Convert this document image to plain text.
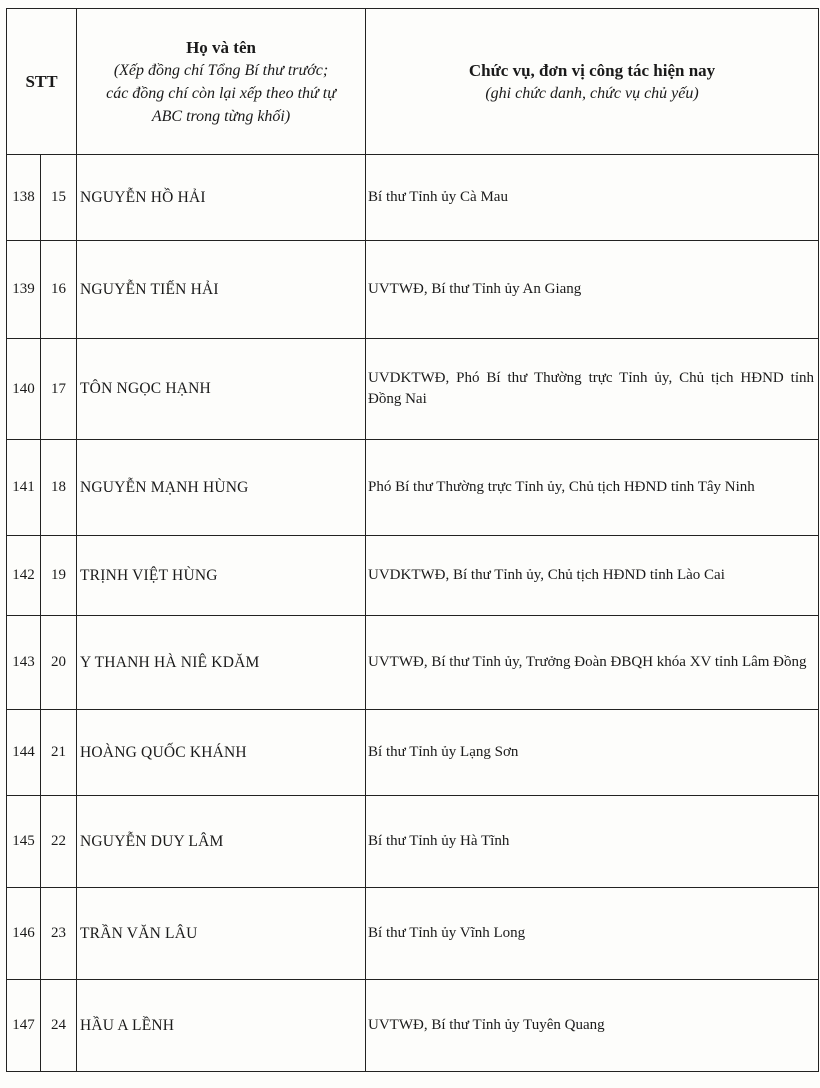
STT		Họ và tên
(Xếp đồng chí Tổng Bí thư trước;
các đồng chí còn lại xếp theo thứ tự
ABC trong từng khối)	Chức vụ, đơn vị công tác hiện nay
(ghi chức danh, chức vụ chủ yếu)

138	15	NGUYỄN HỒ HẢI	Bí thư Tỉnh ủy Cà Mau
139	16	NGUYỄN TIẾN HẢI	UVTWĐ, Bí thư Tỉnh ủy An Giang
140	17	TÔN NGỌC HẠNH	UVDKTWĐ, Phó Bí thư Thường trực Tỉnh ủy, Chủ tịch HĐND tỉnh Đồng Nai
141	18	NGUYỄN MẠNH HÙNG	Phó Bí thư Thường trực Tỉnh ủy, Chủ tịch HĐND tỉnh Tây Ninh
142	19	TRỊNH VIỆT HÙNG	UVDKTWĐ, Bí thư Tỉnh ủy, Chủ tịch HĐND tỉnh Lào Cai
143	20	Y THANH HÀ NIÊ KDĂM	UVTWĐ, Bí thư Tỉnh ủy, Trưởng Đoàn ĐBQH khóa XV tỉnh Lâm Đồng
144	21	HOÀNG QUỐC KHÁNH	Bí thư Tỉnh ủy Lạng Sơn
145	22	NGUYỄN DUY LÂM	Bí thư Tỉnh ủy Hà Tĩnh
146	23	TRẦN VĂN LÂU	Bí thư Tỉnh ủy Vĩnh Long
147	24	HẦU A LỀNH	UVTWĐ, Bí thư Tỉnh ủy Tuyên Quang
